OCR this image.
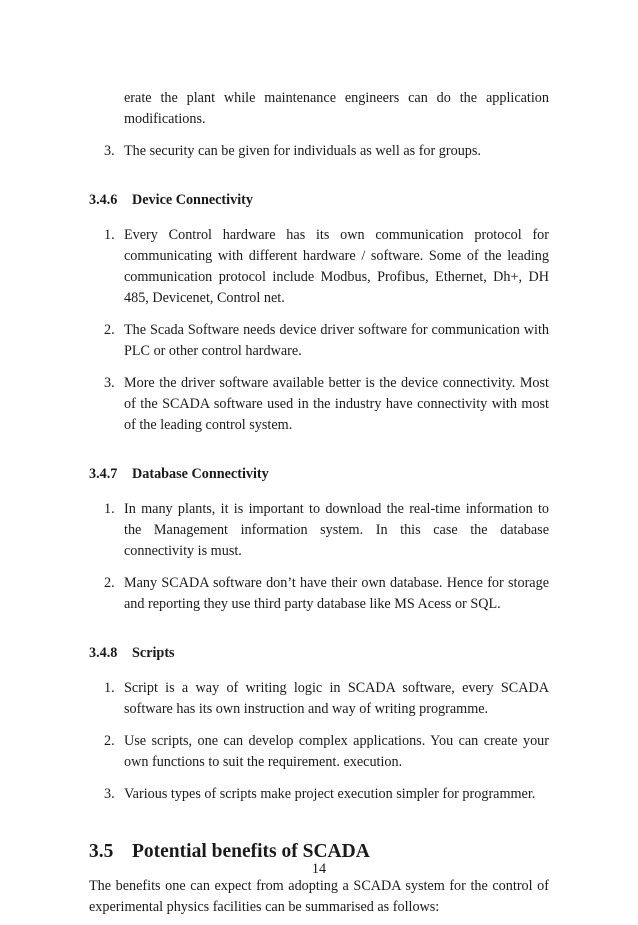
erate the plant while maintenance engineers can do the application modifications.
3. The security can be given for individuals as well as for groups.
3.4.6 Device Connectivity
1. Every Control hardware has its own communication protocol for communicating with different hardware / software. Some of the leading communication protocol include Modbus, Profibus, Ethernet, Dh+, DH 485, Devicenet, Control net.
2. The Scada Software needs device driver software for communication with PLC or other control hardware.
3. More the driver software available better is the device connectivity. Most of the SCADA software used in the industry have connectivity with most of the leading control system.
3.4.7 Database Connectivity
1. In many plants, it is important to download the real-time information to the Management information system. In this case the database connectivity is must.
2. Many SCADA software don’t have their own database. Hence for storage and reporting they use third party database like MS Acess or SQL.
3.4.8 Scripts
1. Script is a way of writing logic in SCADA software, every SCADA software has its own instruction and way of writing programme.
2. Use scripts, one can develop complex applications. You can create your own functions to suit the requirement. execution.
3. Various types of scripts make project execution simpler for programmer.
3.5 Potential benefits of SCADA

The benefits one can expect from adopting a SCADA system for the control of experimental physics facilities can be summarised as follows:

14
